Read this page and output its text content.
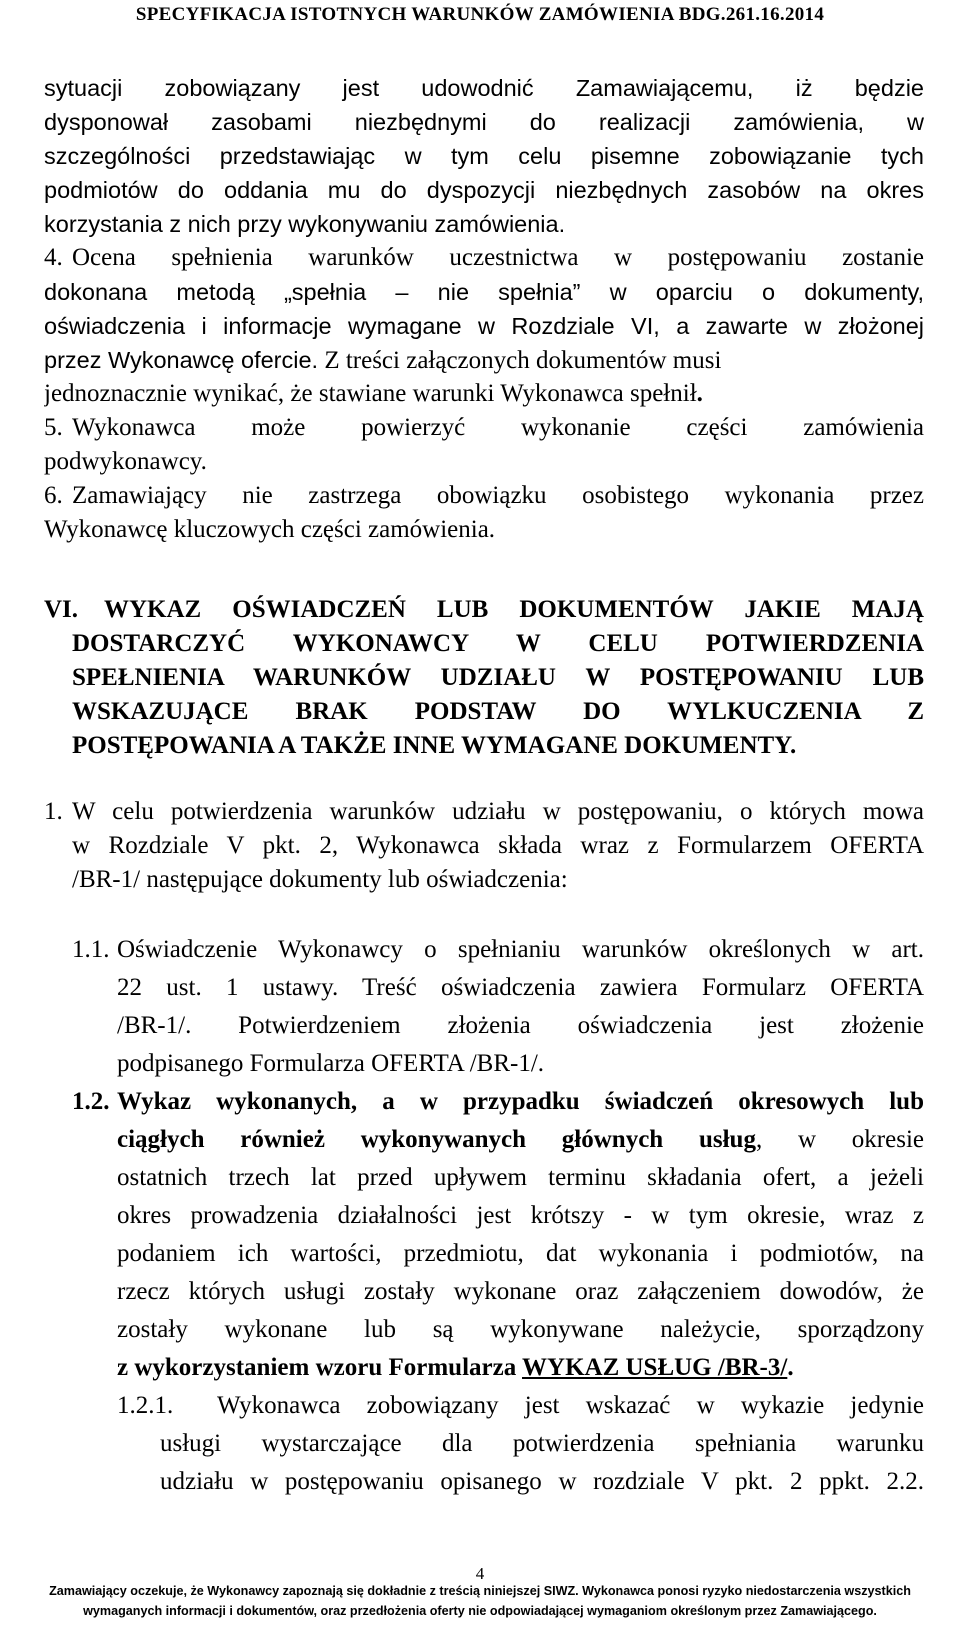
SPECYFIKACJA ISTOTNYCH WARUNKÓW ZAMÓWIENIA BDG.261.16.2014
sytuacji zobowiązany jest udowodnić Zamawiającemu, iż będzie
dysponował zasobami niezbędnymi do realizacji zamówienia, w
szczególności przedstawiając w tym celu pisemne zobowiązanie tych
podmiotów do oddania mu do dyspozycji niezbędnych zasobów na okres
korzystania z nich przy wykonywaniu zamówienia.
4. Ocena spełnienia warunków uczestnictwa w postępowaniu zostanie
dokonana metodą „spełnia – nie spełnia” w oparciu o dokumenty,
oświadczenia i informacje wymagane w Rozdziale VI, a zawarte w złożonej
przez Wykonawcę ofercie. Z treści załączonych dokumentów musi
jednoznacznie wynikać, że stawiane warunki Wykonawca spełnił.
5. Wykonawca może powierzyć wykonanie części zamówienia
podwykonawcy.
6. Zamawiający nie zastrzega obowiązku osobistego wykonania przez
Wykonawcę kluczowych części zamówienia.
VI. WYKAZ OŚWIADCZEŃ LUB DOKUMENTÓW JAKIE MAJĄ
DOSTARCZYĆ WYKONAWCY W CELU POTWIERDZENIA
SPEŁNIENIA WARUNKÓW UDZIAŁU W POSTĘPOWANIU LUB
WSKAZUJĄCE BRAK PODSTAW DO WYLKUCZENIA Z
POSTĘPOWANIA A TAKŻE INNE WYMAGANE DOKUMENTY.
1. W celu potwierdzenia warunków udziału w postępowaniu, o których mowa
w Rozdziale V pkt. 2, Wykonawca składa wraz z Formularzem OFERTA
/BR-1/ następujące dokumenty lub oświadczenia:
1.1. Oświadczenie Wykonawcy o spełnianiu warunków określonych w art.
22 ust. 1 ustawy. Treść oświadczenia zawiera Formularz OFERTA
/BR-1/. Potwierdzeniem złożenia oświadczenia jest złożenie
podpisanego Formularza OFERTA /BR-1/.
1.2. Wykaz wykonanych, a w przypadku świadczeń okresowych lub
ciągłych również wykonywanych głównych usług, w okresie
ostatnich trzech lat przed upływem terminu składania ofert, a jeżeli
okres prowadzenia działalności jest krótszy - w tym okresie, wraz z
podaniem ich wartości, przedmiotu, dat wykonania i podmiotów, na
rzecz których usługi zostały wykonane oraz załączeniem dowodów, że
zostały wykonane lub są wykonywane należycie, sporządzony
z wykorzystaniem wzoru Formularza WYKAZ USŁUG /BR-3/.
1.2.1. Wykonawca zobowiązany jest wskazać w wykazie jedynie
usługi wystarczające dla potwierdzenia spełniania warunku
udziału w postępowaniu opisanego w rozdziale V pkt. 2 ppkt. 2.2.
4
Zamawiający oczekuje, że Wykonawcy zapoznają się dokładnie z treścią niniejszej SIWZ. Wykonawca ponosi ryzyko niedostarczenia wszystkich
wymaganych informacji i dokumentów, oraz przedłożenia oferty nie odpowiadającej wymaganiom określonym przez Zamawiającego.
